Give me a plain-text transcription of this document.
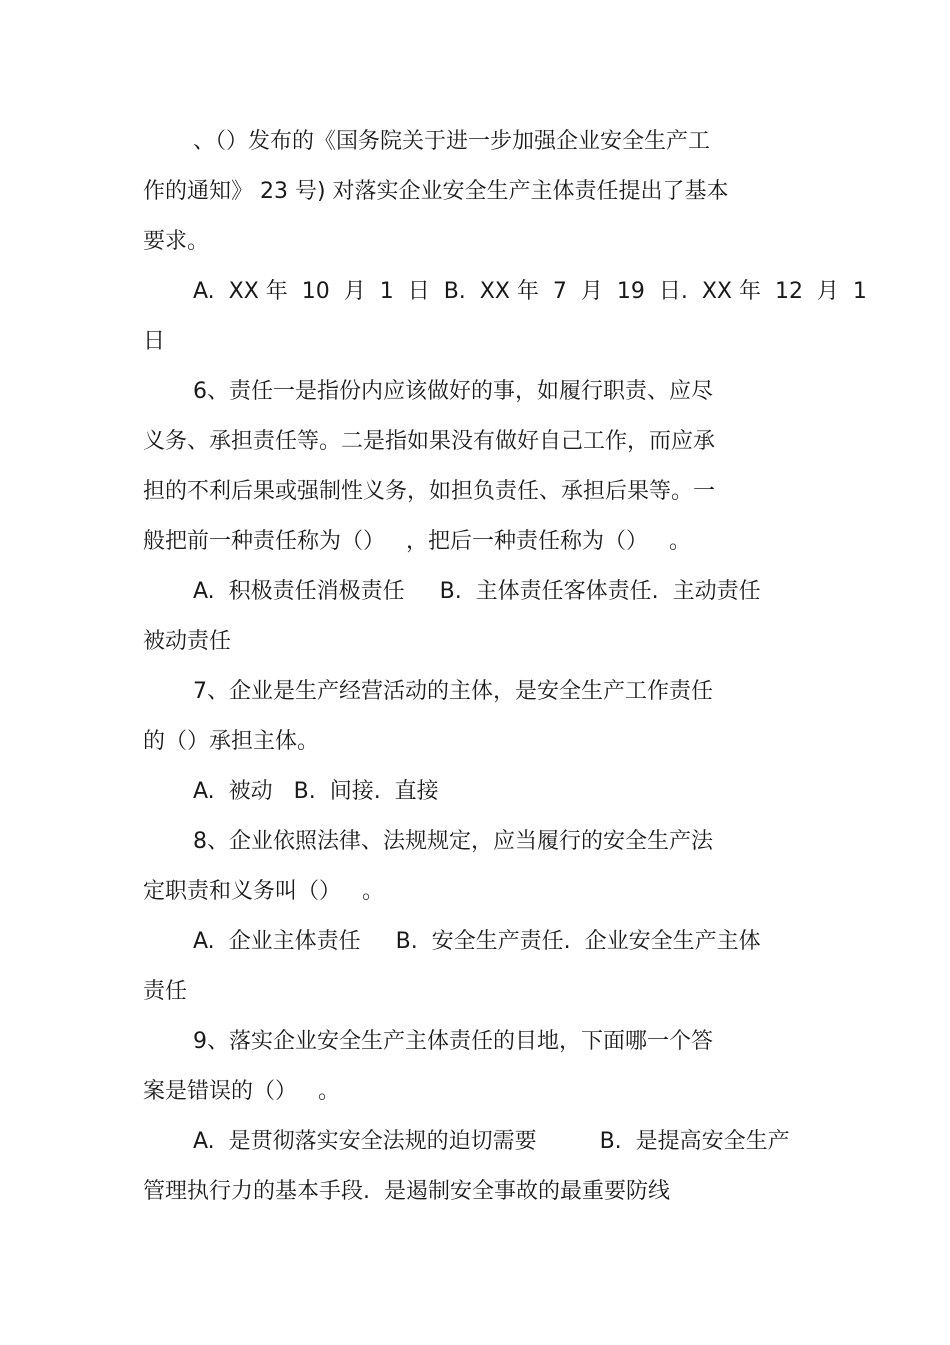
、（）发布的《国务院关于进一步加强企业安全生产工

作的通知》 23 号) 对落实企业安全生产主体责任提出了基本

要求。

A.  XX 年  10  月  1  日  B.  XX 年  7  月  19  日.  XX 年  12  月  1

日

6、责任一是指份内应该做好的事，如履行职责、应尽

义务、承担责任等。二是指如果没有做好自己工作，而应承

担的不利后果或强制性义务，如担负责任、承担后果等。一

般把前一种责任称为（）   ，把后一种责任称为（）   。

A.  积极责任消极责任     B.  主体责任客体责任.  主动责任

被动责任

7、企业是生产经营活动的主体，是安全生产工作责任

的（）承担主体。

A.  被动   B.  间接.  直接

8、企业依照法律、法规规定，应当履行的安全生产法

定职责和义务叫（）   。

A.  企业主体责任     B.  安全生产责任.  企业安全生产主体

责任

9、落实企业安全生产主体责任的目地，下面哪一个答

案是错误的（）   。

A.  是贯彻落实安全法规的迫切需要         B.  是提高安全生产

管理执行力的基本手段.  是遏制安全事故的最重要防线
